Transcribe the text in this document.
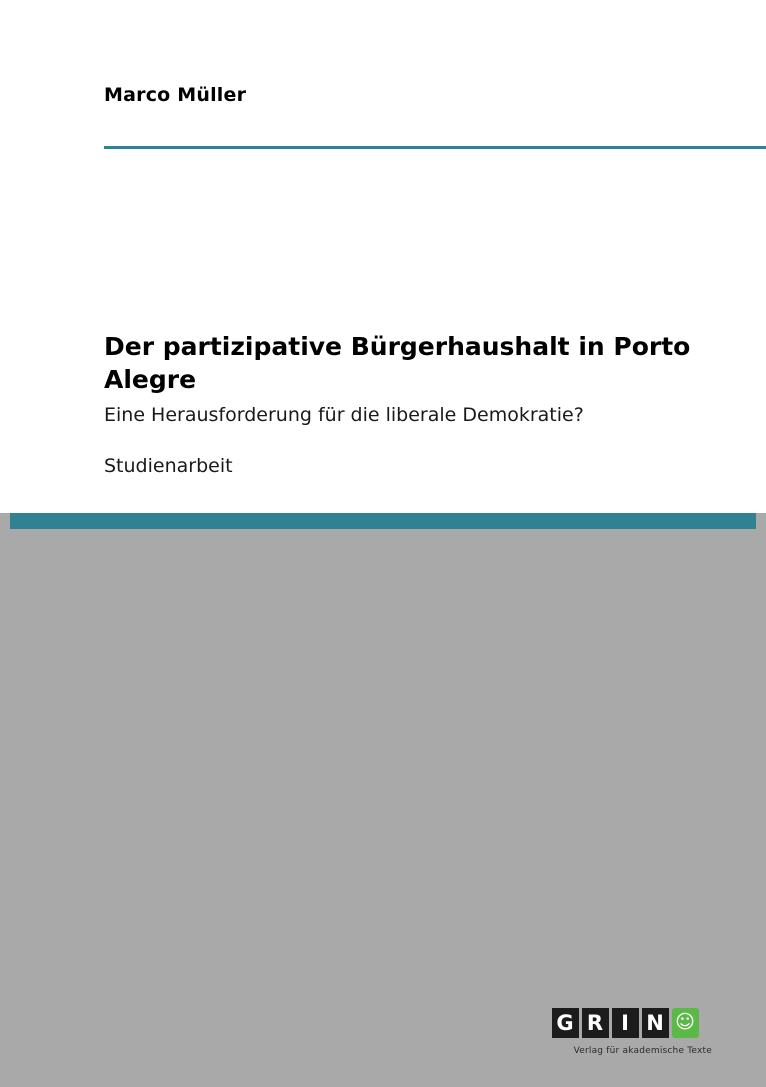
Marco Müller
Der partizipative Bürgerhaushalt in Porto Alegre
Eine Herausforderung für die liberale Demokratie?
Studienarbeit
G R I N ☺
Verlag für akademische Texte
